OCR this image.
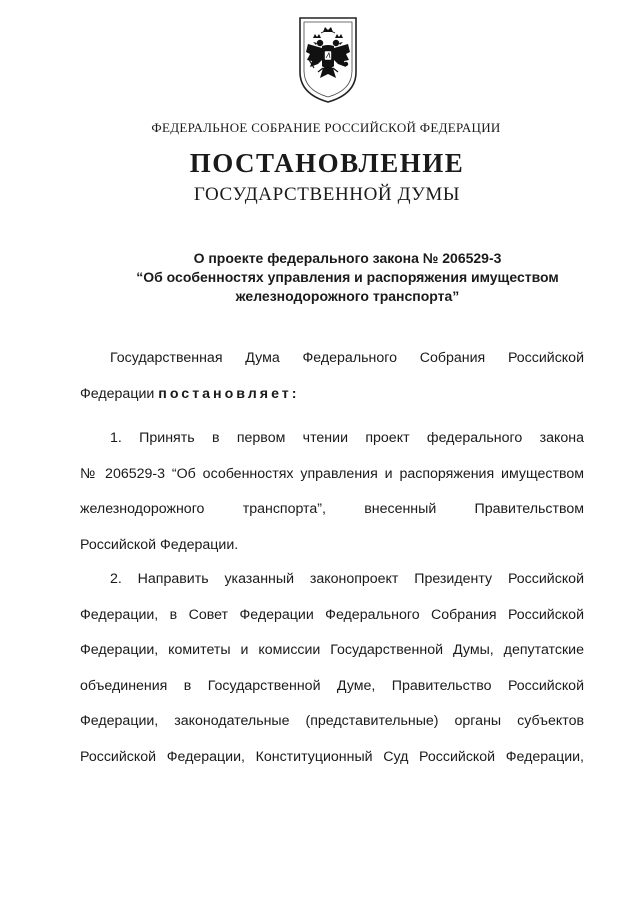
ФЕДЕРАЛЬНОЕ СОБРАНИЕ РОССИЙСКОЙ ФЕДЕРАЦИИ
ПОСТАНОВЛЕНИЕ
ГОСУДАРСТВЕННОЙ ДУМЫ
О проекте федерального закона № 206529-3
“Об особенностях управления и распоряжения имуществом
железнодорожного транспорта”
Государственная Дума Федерального Собрания Российской
Федерации постановляет:
1. Принять в первом чтении проект федерального закона
№ 206529-3 “Об особенностях управления и распоряжения имуществом
железнодорожного транспорта”, внесенный Правительством
Российской Федерации.
2. Направить указанный законопроект Президенту Российской
Федерации, в Совет Федерации Федерального Собрания Российской
Федерации, комитеты и комиссии Государственной Думы, депутатские
объединения в Государственной Думе, Правительство Российской
Федерации, законодательные (представительные) органы субъектов
Российской Федерации, Конституционный Суд Российской Федерации,
